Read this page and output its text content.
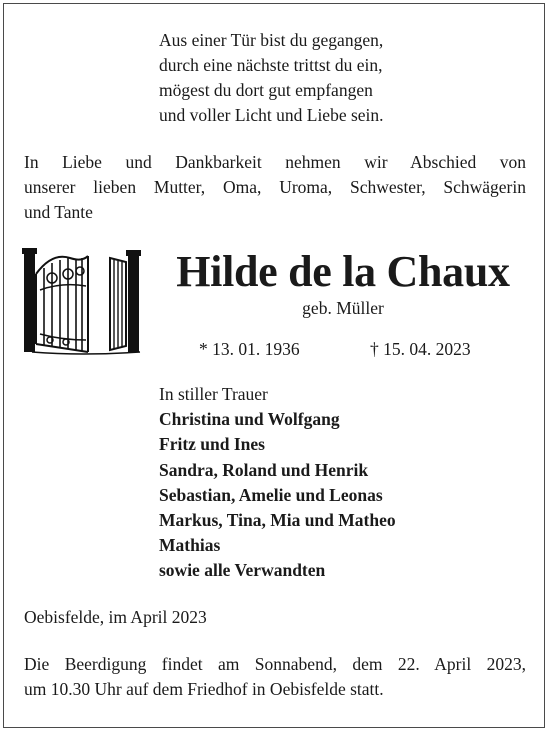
Aus einer Tür bist du gegangen,
durch eine nächste trittst du ein,
mögest du dort gut empfangen
und voller Licht und Liebe sein.
In Liebe und Dankbarkeit nehmen wir Abschied von
unserer lieben Mutter, Oma, Uroma, Schwester, Schwägerin
und Tante
Hilde de la Chaux
geb. Müller
* 13. 01. 1936	† 15. 04. 2023
In stiller Trauer
Christina und Wolfgang
Fritz und Ines
Sandra, Roland und Henrik
Sebastian, Amelie und Leonas
Markus, Tina, Mia und Matheo
Mathias
sowie alle Verwandten
Oebisfelde, im April 2023
Die Beerdigung findet am Sonnabend, dem 22. April 2023,
um 10.30 Uhr auf dem Friedhof in Oebisfelde statt.
